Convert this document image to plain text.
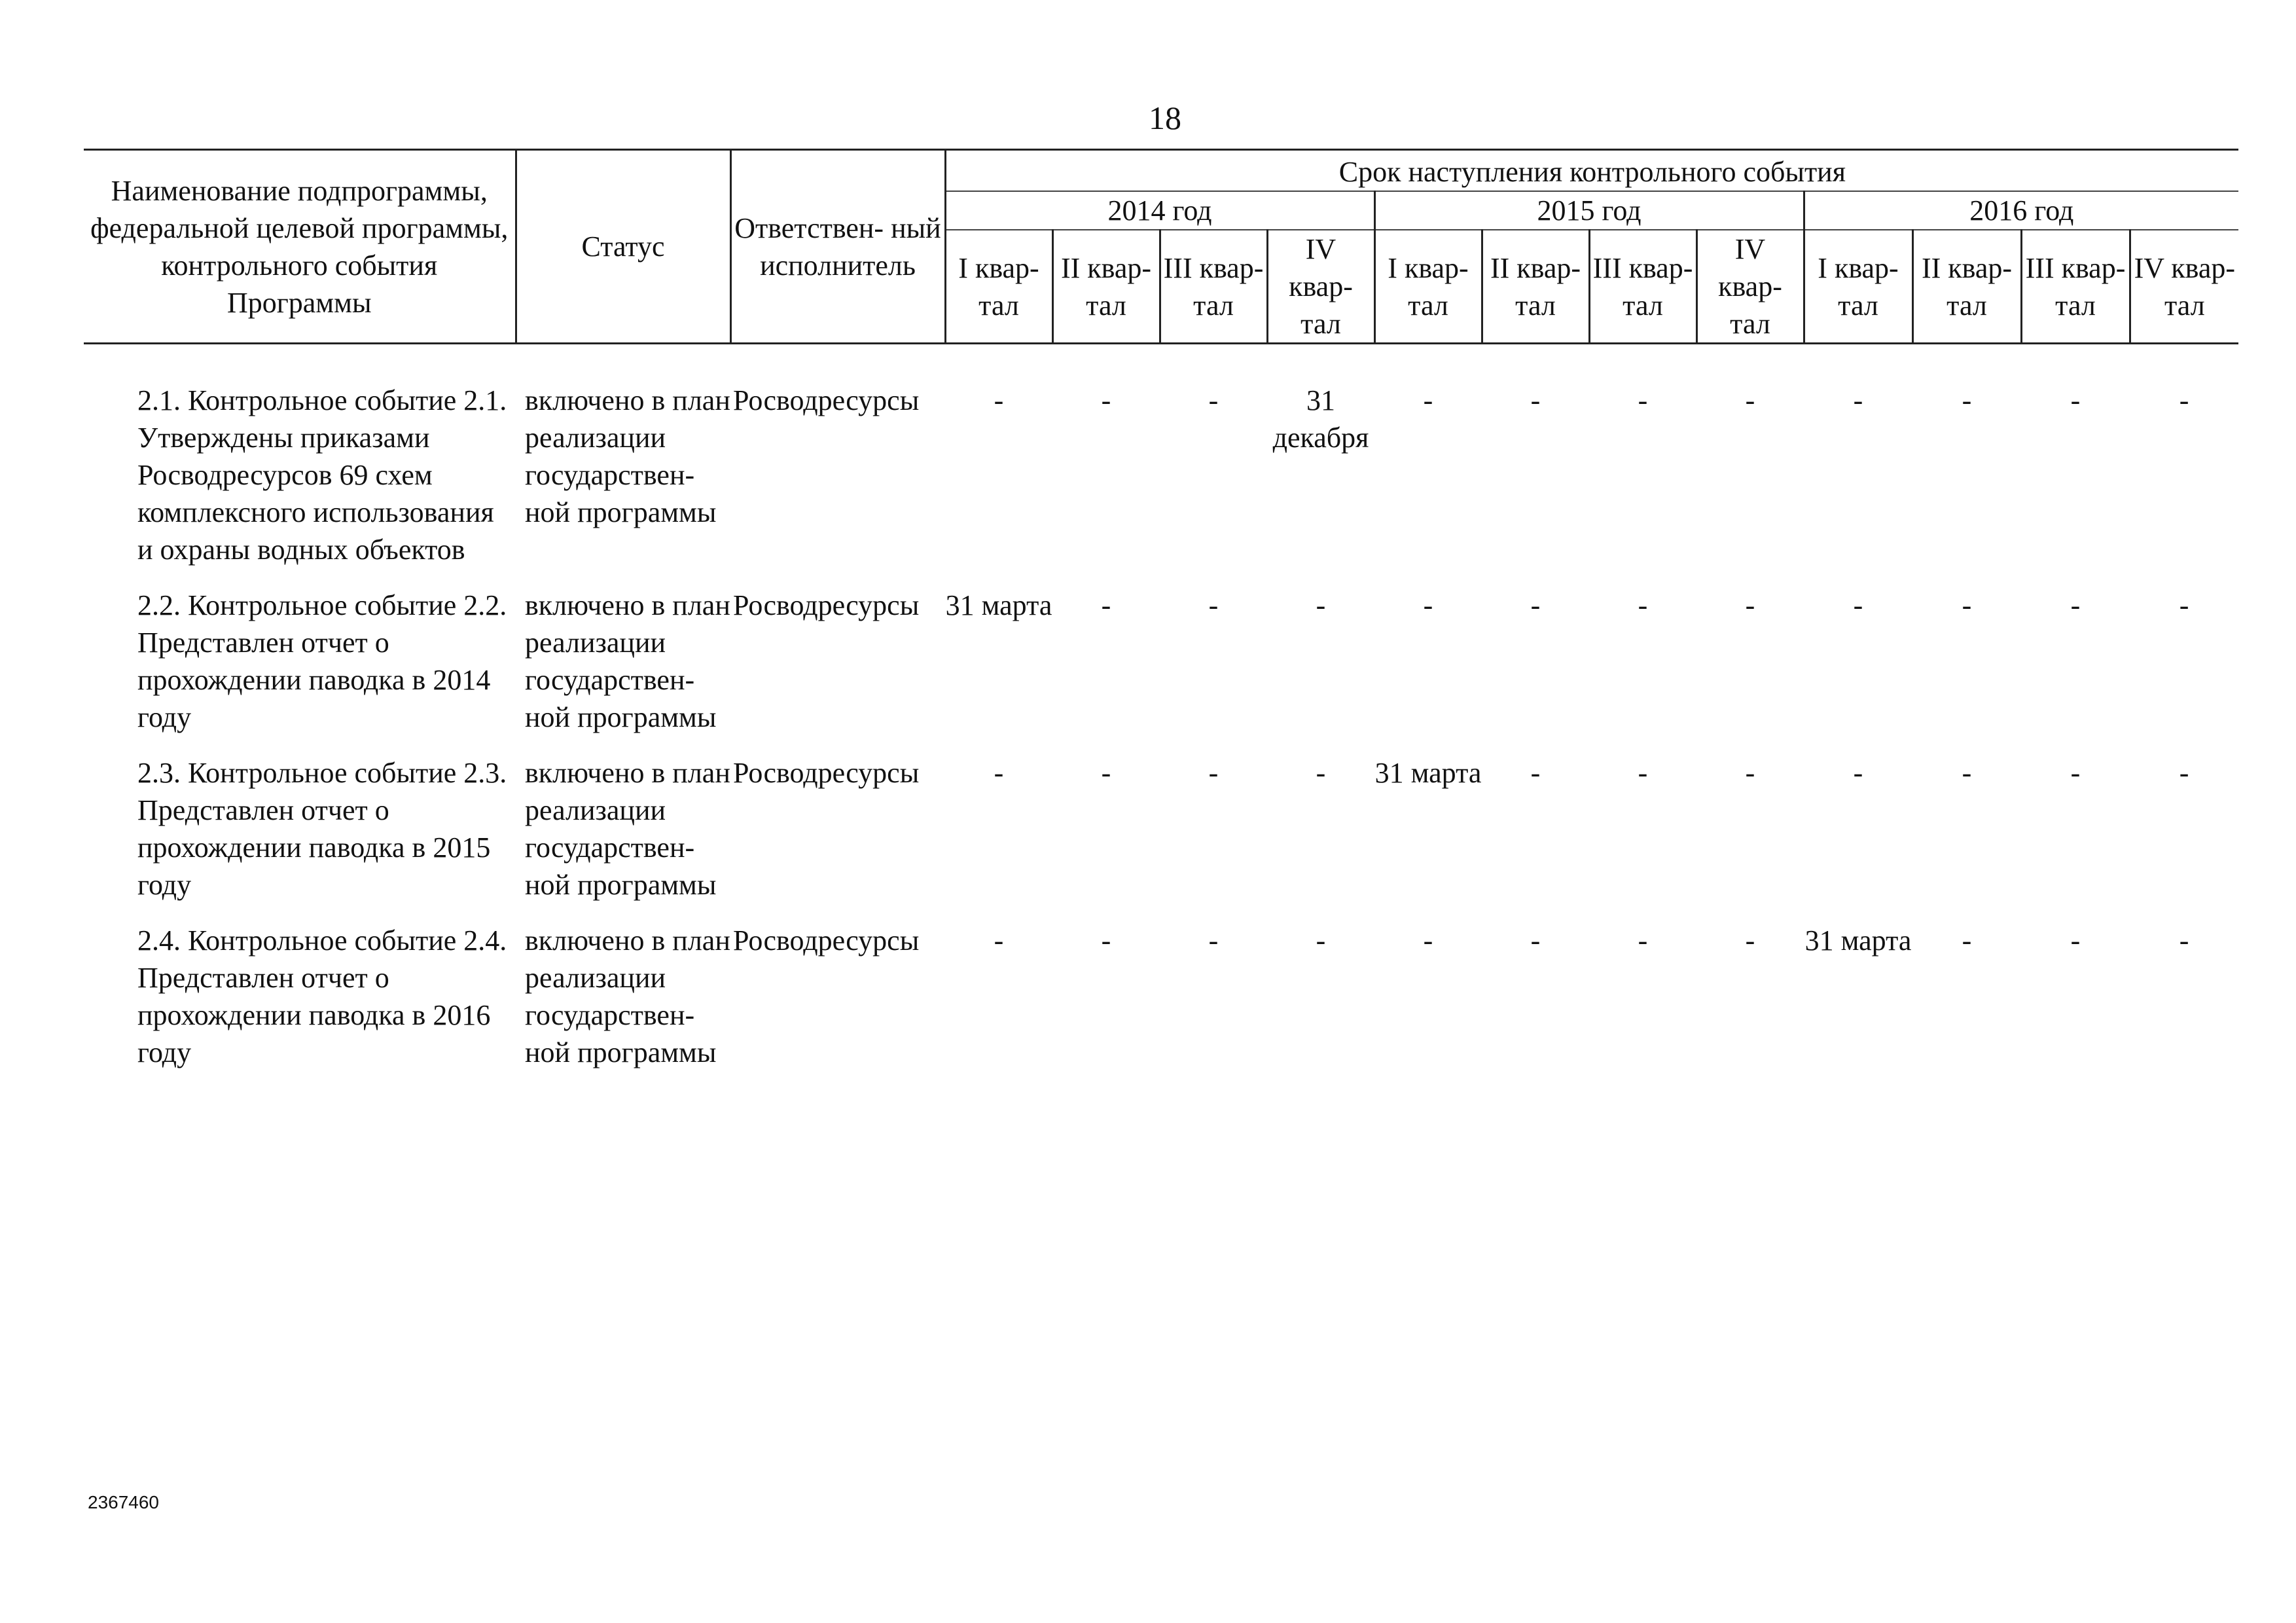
18
Наименование подпрограммы, федеральной целевой программы, контрольного события Программы	Статус	Ответствен- ный исполнитель	Срок наступления контрольного события											
			2014 год				2015 год				2016 год			
			I квар- тал	II квар- тал	III квар- тал	IV квар- тал	I квар- тал	II квар- тал	III квар- тал	IV квар- тал	I квар- тал	II квар- тал	III квар- тал	IV квар- тал

2.1. Контрольное событие 2.1. Утверждены приказами Росводресурсов 69 схем комплексного использования и охраны водных объектов	включено в план реализации государствен- ной программы	Росводресурсы	-	-	-	31 декабря	-	-	-	-	-	-	-	-
2.2. Контрольное событие 2.2. Представлен отчет о прохождении паводка в 2014 году	включено в план реализации государствен- ной программы	Росводресурсы	31 марта	-	-	-	-	-	-	-	-	-	-	-
2.3. Контрольное событие 2.3. Представлен отчет о прохождении паводка в 2015 году	включено в план реализации государствен- ной программы	Росводресурсы	-	-	-	-	31 марта	-	-	-	-	-	-	-
2.4. Контрольное событие 2.4. Представлен отчет о прохождении паводка в 2016 году	включено в план реализации государствен- ной программы	Росводресурсы	-	-	-	-	-	-	-	-	31 марта	-	-	-
2367460
